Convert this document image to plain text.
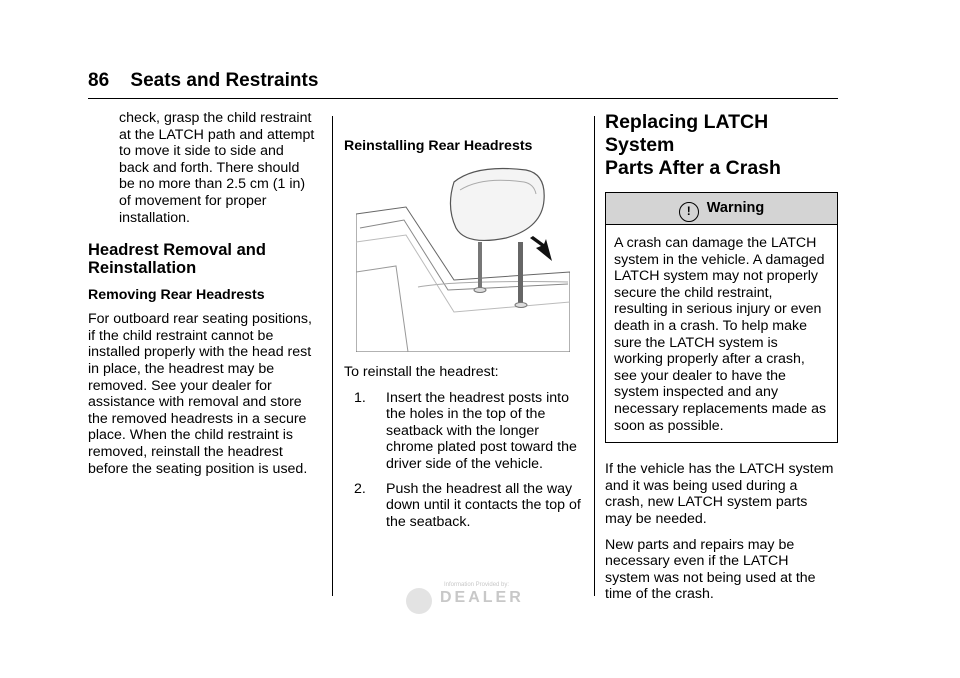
86 Seats and Restraints

check, grasp the child restraint
at the LATCH path and attempt
to move it side to side and
back and forth. There should
be no more than 2.5 cm (1 in)
of movement for proper
installation.

Headrest Removal and Reinstallation
Removing Rear Headrests

For outboard rear seating positions,
if the child restraint cannot be
installed properly with the head rest
in place, the headrest may be
removed. See your dealer for
assistance with removal and store
the removed headrests in a secure
place. When the child restraint is
removed, reinstall the headrest
before the seating position is used.

Reinstalling Rear Headrests

To reinstall the headrest:

1. Insert the headrest posts into
the holes in the top of the
seatback with the longer
chrome plated post toward the
driver side of the vehicle.
2. Push the headrest all the way
down until it contacts the top of
the seatback.
Replacing LATCH System
Parts After a Crash
! Warning
A crash can damage the LATCH
system in the vehicle. A damaged
LATCH system may not properly
secure the child restraint,
resulting in serious injury or even
death in a crash. To help make
sure the LATCH system is
working properly after a crash,
see your dealer to have the
system inspected and any
necessary replacements made as
soon as possible.

If the vehicle has the LATCH system
and it was being used during a
crash, new LATCH system parts
may be needed.

New parts and repairs may be
necessary even if the LATCH
system was not being used at the
time of the crash.

Information Provided by:
DEALER
